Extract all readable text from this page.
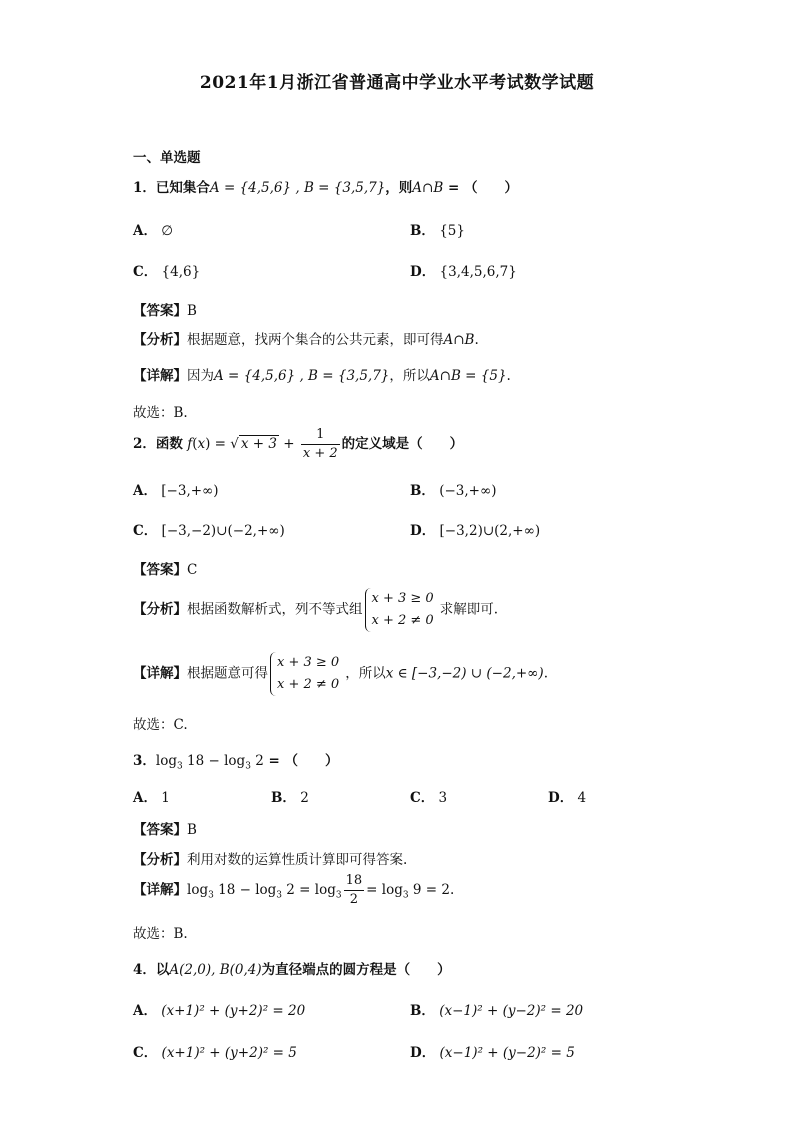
2021年1月浙江省普通高中学业水平考试数学试题
一、单选题
1．已知集合A = {4,5,6} , B = {3,5,7}，则A∩B = （　　）
A． ∅	B． {5}
C． {4,6}	D． {3,4,5,6,7}
【答案】B
【分析】根据题意，找两个集合的公共元素，即可得A∩B.
【详解】因为A = {4,5,6} , B = {3,5,7}，所以A∩B = {5}.
故选：B.
2．函数 f(x) = √ $x + 3 + \frac{1}{x + 2}$ 的定义域是（　　）
A． [−3,+∞)	B． (−3,+∞)
C． [−3,−2)∪(−2,+∞)	D． [−3,2)∪(2,+∞)
【答案】C
【分析】根据函数解析式，列不等式组x + 3 ≥ 0
x + 2 ≠ 0求解即可.
【详解】根据题意可得x + 3 ≥ 0
x + 2 ≠ 0，所以x ∈ [−3,−2) ∪ (−2,+∞).
故选：C.
3．$\log_3 18 - \log_3 2$ = （　　）
A． 1	B． 2	C． 3	D． 4
【答案】B
【分析】利用对数的运算性质计算即可得答案.
【详解】$\log_3 18 - \log_3 2 = \log_3 \frac{18}{2} = \log_3 9 = 2$.
故选：B.
4．以A(2,0), B(0,4)为直径端点的圆方程是（　　）
A． (x+1)² + (y+2)² = 20	B． (x−1)² + (y−2)² = 20
C． (x+1)² + (y+2)² = 5	D． (x−1)² + (y−2)² = 5
